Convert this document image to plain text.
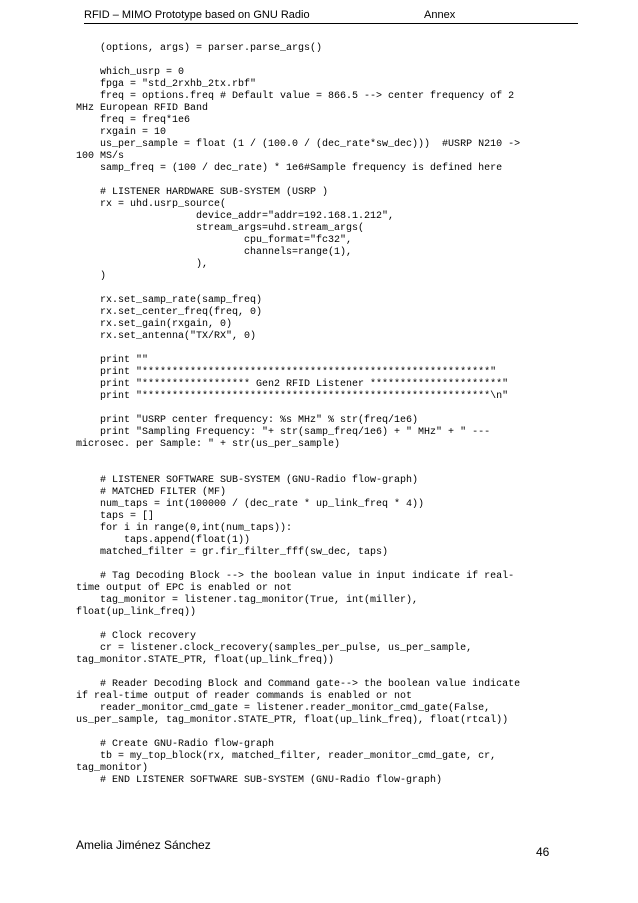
RFID – MIMO Prototype based on GNU Radio	Annex
(options, args) = parser.parse_args()
which_usrp = 0
fpga = "std_2rxhb_2tx.rbf"
freq = options.freq # Default value = 866.5 --> center frequency of 2
MHz European RFID Band
freq = freq*1e6
rxgain = 10
us_per_sample = float (1 / (100.0 / (dec_rate*sw_dec)))  #USRP N210 ->
100 MS/s
samp_freq = (100 / dec_rate) * 1e6#Sample frequency is defined here
# LISTENER HARDWARE SUB-SYSTEM (USRP )
rx = uhd.usrp_source(
device_addr="addr=192.168.1.212",
stream_args=uhd.stream_args(
cpu_format="fc32",
channels=range(1),
),
)
rx.set_samp_rate(samp_freq)
rx.set_center_freq(freq, 0)
rx.set_gain(rxgain, 0)
rx.set_antenna("TX/RX", 0)
print ""
print "**********************************************************"
print "****************** Gen2 RFID Listener **********************"
print "**********************************************************\n"
print "USRP center frequency: %s MHz" % str(freq/1e6)
print "Sampling Frequency: "+ str(samp_freq/1e6) + " MHz" + " ---
microsec. per Sample: " + str(us_per_sample)
# LISTENER SOFTWARE SUB-SYSTEM (GNU-Radio flow-graph)
# MATCHED FILTER (MF)
num_taps = int(100000 / (dec_rate * up_link_freq * 4))
taps = []
for i in range(0,int(num_taps)):
taps.append(float(1))
matched_filter = gr.fir_filter_fff(sw_dec, taps)
# Tag Decoding Block --> the boolean value in input indicate if real-
time output of EPC is enabled or not
tag_monitor = listener.tag_monitor(True, int(miller),
float(up_link_freq))
# Clock recovery
cr = listener.clock_recovery(samples_per_pulse, us_per_sample,
tag_monitor.STATE_PTR, float(up_link_freq))
# Reader Decoding Block and Command gate--> the boolean value indicate
if real-time output of reader commands is enabled or not
reader_monitor_cmd_gate = listener.reader_monitor_cmd_gate(False,
us_per_sample, tag_monitor.STATE_PTR, float(up_link_freq), float(rtcal))
# Create GNU-Radio flow-graph
tb = my_top_block(rx, matched_filter, reader_monitor_cmd_gate, cr,
tag_monitor)
# END LISTENER SOFTWARE SUB-SYSTEM (GNU-Radio flow-graph)
Amelia Jiménez Sánchez	46
